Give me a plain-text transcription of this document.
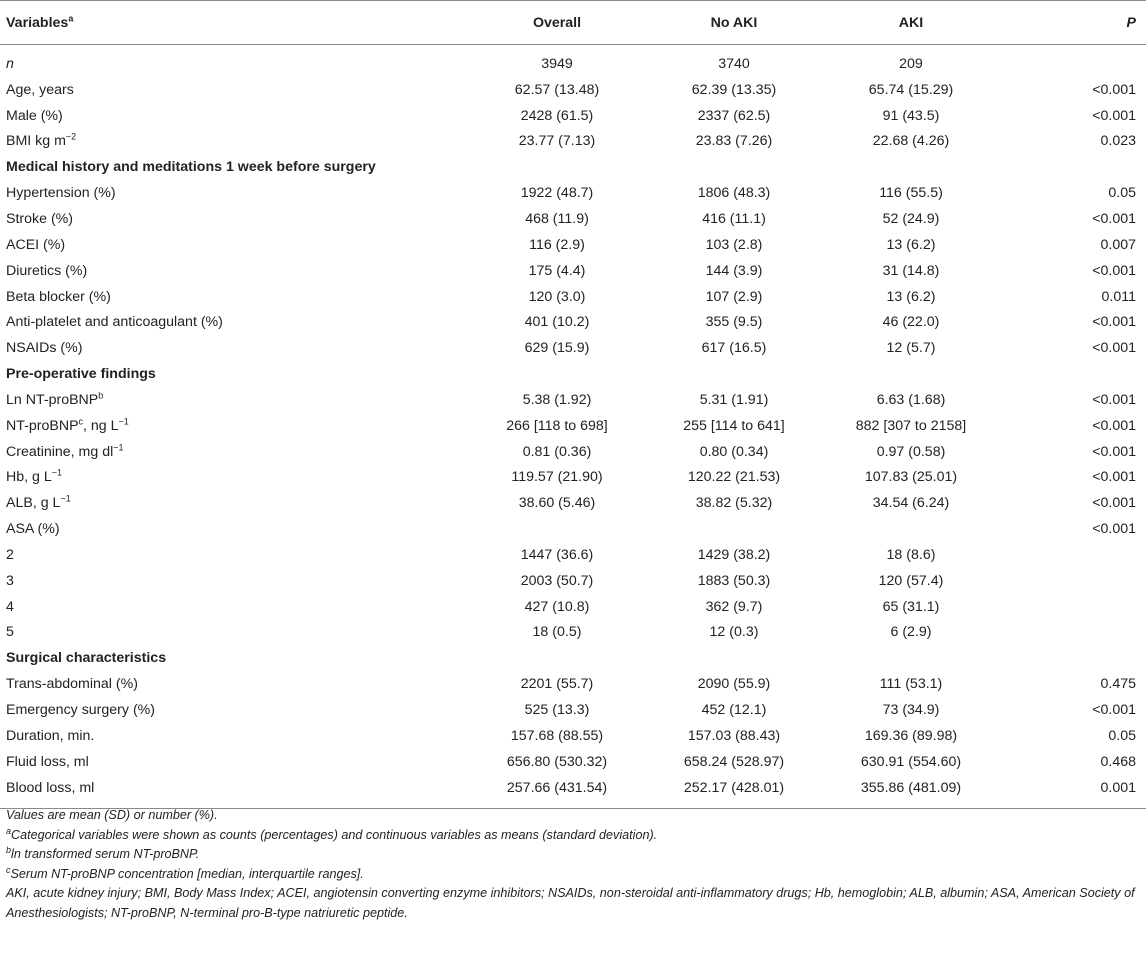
Variables$^a$	Overall	No AKI	AKI	P
n	3949	3740	209	
Age, years	62.57 (13.48)	62.39 (13.35)	65.74 (15.29)	<0.001
Male (%)	2428 (61.5)	2337 (62.5)	91 (43.5)	<0.001
BMI kg $m^{-2}$	23.77 (7.13)	23.83 (7.26)	22.68 (4.26)	0.023
Medical history and meditations 1 week before surgery				
Hypertension (%)	1922 (48.7)	1806 (48.3)	116 (55.5)	0.05
Stroke (%)	468 (11.9)	416 (11.1)	52 (24.9)	<0.001
ACEI (%)	116 (2.9)	103 (2.8)	13 (6.2)	0.007
Diuretics (%)	175 (4.4)	144 (3.9)	31 (14.8)	<0.001
Beta blocker (%)	120 (3.0)	107 (2.9)	13 (6.2)	0.011
Anti-platelet and anticoagulant (%)	401 (10.2)	355 (9.5)	46 (22.0)	<0.001
NSAIDs (%)	629 (15.9)	617 (16.5)	12 (5.7)	<0.001
Pre-operative findings				
Ln NT-proBNP$^b$	5.38 (1.92)	5.31 (1.91)	6.63 (1.68)	<0.001
NT-proBNP$^c$, ng $L^{-1}$	266 [118 to 698]	255 [114 to 641]	882 [307 to 2158]	<0.001
Creatinine, mg $dl^{-1}$	0.81 (0.36)	0.80 (0.34)	0.97 (0.58)	<0.001
Hb, g $L^{-1}$	119.57 (21.90)	120.22 (21.53)	107.83 (25.01)	<0.001
ALB, g $L^{-1}$	38.60 (5.46)	38.82 (5.32)	34.54 (6.24)	<0.001
ASA (%)				<0.001
2	1447 (36.6)	1429 (38.2)	18 (8.6)	
3	2003 (50.7)	1883 (50.3)	120 (57.4)	
4	427 (10.8)	362 (9.7)	65 (31.1)	
5	18 (0.5)	12 (0.3)	6 (2.9)	
Surgical characteristics				
Trans-abdominal (%)	2201 (55.7)	2090 (55.9)	111 (53.1)	0.475
Emergency surgery (%)	525 (13.3)	452 (12.1)	73 (34.9)	<0.001
Duration, min.	157.68 (88.55)	157.03 (88.43)	169.36 (89.98)	0.05
Fluid loss, ml	656.80 (530.32)	658.24 (528.97)	630.91 (554.60)	0.468
Blood loss, ml	257.66 (431.54)	252.17 (428.01)	355.86 (481.09)	0.001
Values are mean (SD) or number (%).
$^a$Categorical variables were shown as counts (percentages) and continuous variables as means (standard deviation).
$^b$ln transformed serum NT-proBNP.
$^c$Serum NT-proBNP concentration [median, interquartile ranges].
AKI, acute kidney injury; BMI, Body Mass Index; ACEI, angiotensin converting enzyme inhibitors; NSAIDs, non-steroidal anti-inflammatory drugs; Hb, hemoglobin; ALB, albumin; ASA, American Society of Anesthesiologists; NT-proBNP, N-terminal pro-B-type natriuretic peptide.
